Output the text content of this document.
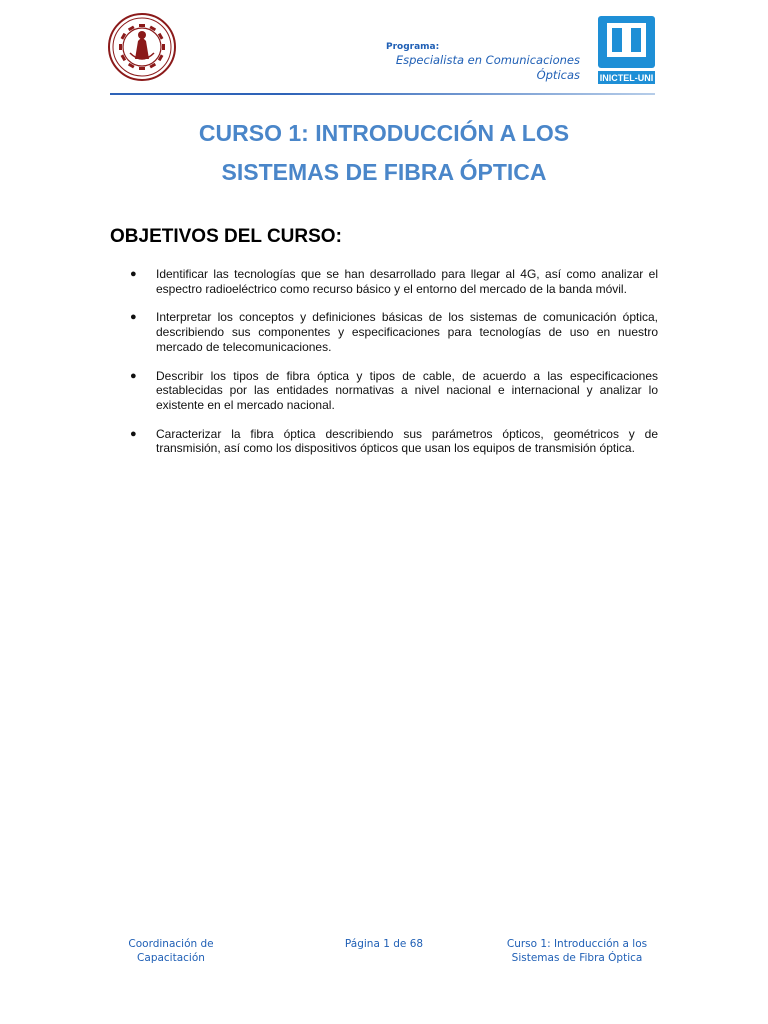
Programa:
Especialista en Comunicaciones
Ópticas INICTEL-UNI
CURSO 1: INTRODUCCIÓN A LOS
SISTEMAS DE FIBRA ÓPTICA
OBJETIVOS DEL CURSO:
● Identificar las tecnologías que se han desarrollado para llegar al 4G, así como analizar el espectro radioeléctrico como recurso básico y el entorno del mercado de la banda móvil.
● Interpretar los conceptos y definiciones básicas de los sistemas de comunicación óptica, describiendo sus componentes y especificaciones para tecnologías de uso en nuestro mercado de telecomunicaciones.
● Describir los tipos de fibra óptica y tipos de cable, de acuerdo a las especificaciones establecidas por las entidades normativas a nivel nacional e internacional y analizar lo existente en el mercado nacional.
● Caracterizar la fibra óptica describiendo sus parámetros ópticos, geométricos y de transmisión, así como los dispositivos ópticos que usan los equipos de transmisión óptica.
Coordinación de
Capacitación
Página 1 de 68	Curso 1: Introducción a los
Sistemas de Fibra Óptica
